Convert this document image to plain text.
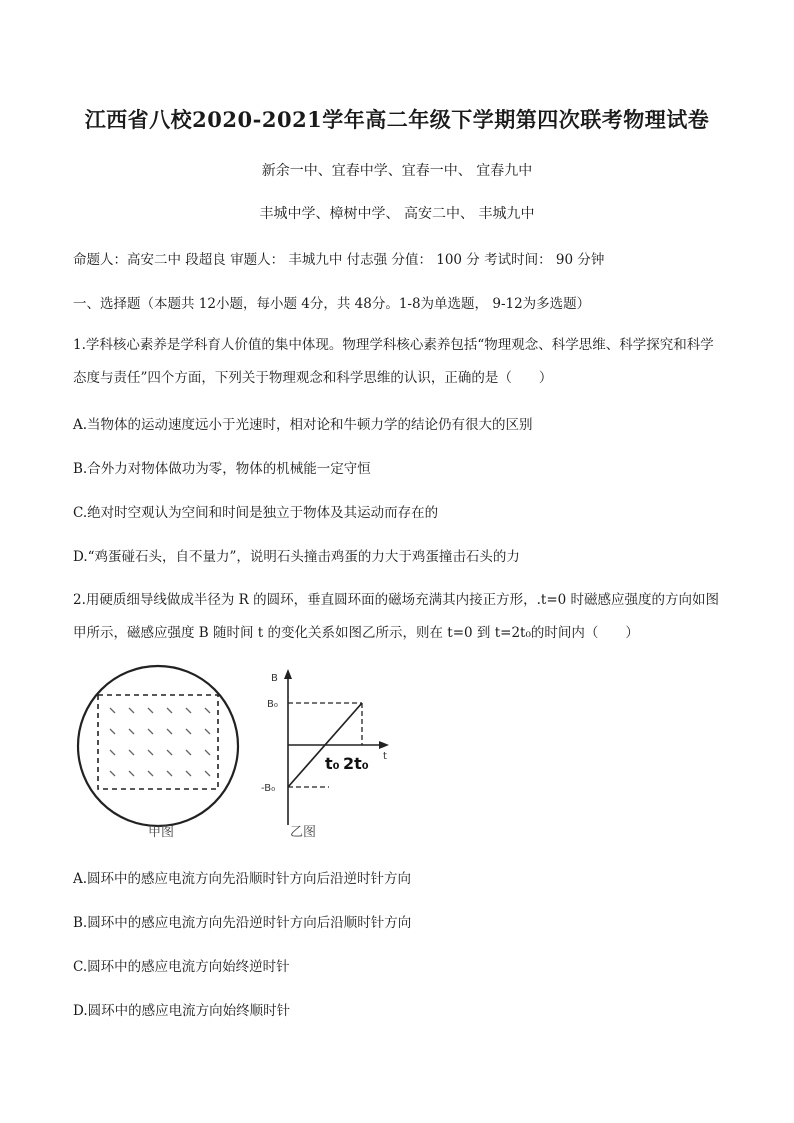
江西省八校2020-2021学年高二年级下学期第四次联考物理试卷
新余一中、宜春中学、宜春一中、 宜春九中
丰城中学、樟树中学、 高安二中、 丰城九中
命题人：高安二中 段超良 审题人： 丰城九中 付志强 分值： 100 分 考试时间： 90 分钟
一、选择题（本题共 12小题，每小题 4分，共 48分。1-8为单选题， 9-12为多选题）
1.学科核心素养是学科育人价值的集中体现。物理学科核心素养包括“物理观念、科学思维、科学探究和科学态度与责任”四个方面，下列关于物理观念和科学思维的认识，正确的是（　　）
A.当物体的运动速度远小于光速时，相对论和牛顿力学的结论仍有很大的区别
B.合外力对物体做功为零，物体的机械能一定守恒
C.绝对时空观认为空间和时间是独立于物体及其运动而存在的
D.“鸡蛋碰石头，自不量力”，说明石头撞击鸡蛋的力大于鸡蛋撞击石头的力
2.用硬质细导线做成半径为 R 的圆环，垂直圆环面的磁场充满其内接正方形，.t=0 时磁感应强度的方向如图甲所示，磁感应强度 B 随时间 t 的变化关系如图乙所示，则在 t=0 到 t=2t₀的时间内（　　）
甲图
B
t
B₀
-B₀
t₀ 2t₀
乙图
A.圆环中的感应电流方向先沿顺时针方向后沿逆时针方向
B.圆环中的感应电流方向先沿逆时针方向后沿顺时针方向
C.圆环中的感应电流方向始终逆时针
D.圆环中的感应电流方向始终顺时针
